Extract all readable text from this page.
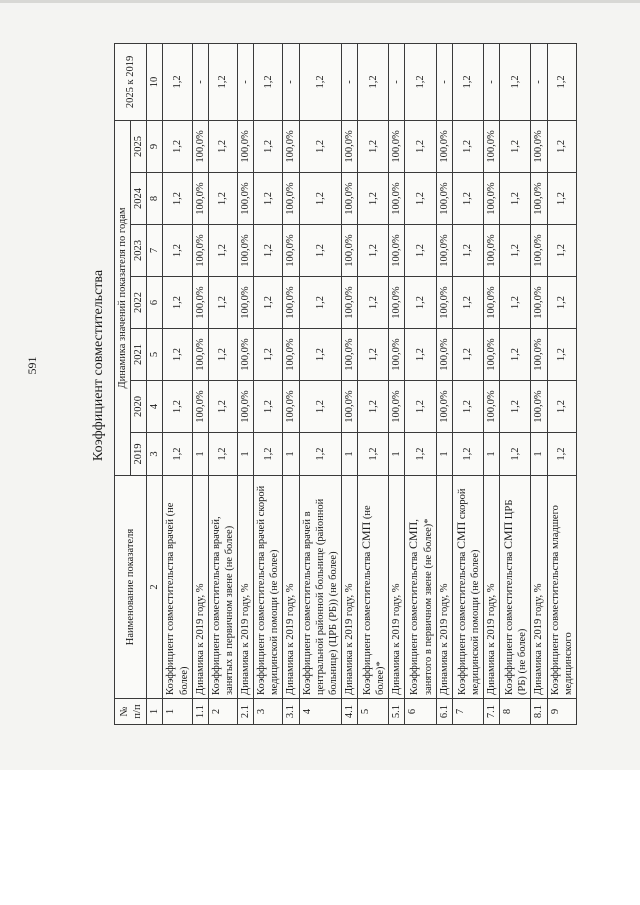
591	Коэффициент совместительства
№ п/п	Наименование показателя	Динамика значений показателя по годам							2025 к 2019
		2019	2020	2021	2022	2023	2024	2025	
1	2	3	4	5	6	7	8	9	10
1	Коэффициент совместительства врачей (не более)	1,2	1,2	1,2	1,2	1,2	1,2	1,2	1,2
1.1	Динамика к 2019 году, %	1	100,0%	100,0%	100,0%	100,0%	100,0%	100,0%	-
2	Коэффициент совместительства врачей, занятых в первичном звене (не более)	1,2	1,2	1,2	1,2	1,2	1,2	1,2	1,2
2.1	Динамика к 2019 году, %	1	100,0%	100,0%	100,0%	100,0%	100,0%	100,0%	-
3	Коэффициент совместительства врачей скорой медицинской помощи (не более)	1,2	1,2	1,2	1,2	1,2	1,2	1,2	1,2
3.1	Динамика к 2019 году, %	1	100,0%	100,0%	100,0%	100,0%	100,0%	100,0%	-
4	Коэффициент совместительства врачей в центральной районной больнице (районной больнице) (ЦРБ (РБ)) (не более)	1,2	1,2	1,2	1,2	1,2	1,2	1,2	1,2
4.1	Динамика к 2019 году, %	1	100,0%	100,0%	100,0%	100,0%	100,0%	100,0%	-
5	Коэффициент совместительства СМП (не более)*	1,2	1,2	1,2	1,2	1,2	1,2	1,2	1,2
5.1	Динамика к 2019 году, %	1	100,0%	100,0%	100,0%	100,0%	100,0%	100,0%	-
6	Коэффициент совместительства СМП, занятого в первичном звене (не более)*	1,2	1,2	1,2	1,2	1,2	1,2	1,2	1,2
6.1	Динамика к 2019 году, %	1	100,0%	100,0%	100,0%	100,0%	100,0%	100,0%	-
7	Коэффициент совместительства СМП скорой медицинской помощи (не более)	1,2	1,2	1,2	1,2	1,2	1,2	1,2	1,2
7.1	Динамика к 2019 году, %	1	100,0%	100,0%	100,0%	100,0%	100,0%	100,0%	-
8	Коэффициент совместительства СМП ЦРБ (РБ) (не более)	1,2	1,2	1,2	1,2	1,2	1,2	1,2	1,2
8.1	Динамика к 2019 году, %	1	100,0%	100,0%	100,0%	100,0%	100,0%	100,0%	-
9	Коэффициент совместительства младшего медицинского	1,2	1,2	1,2	1,2	1,2	1,2	1,2	1,2
